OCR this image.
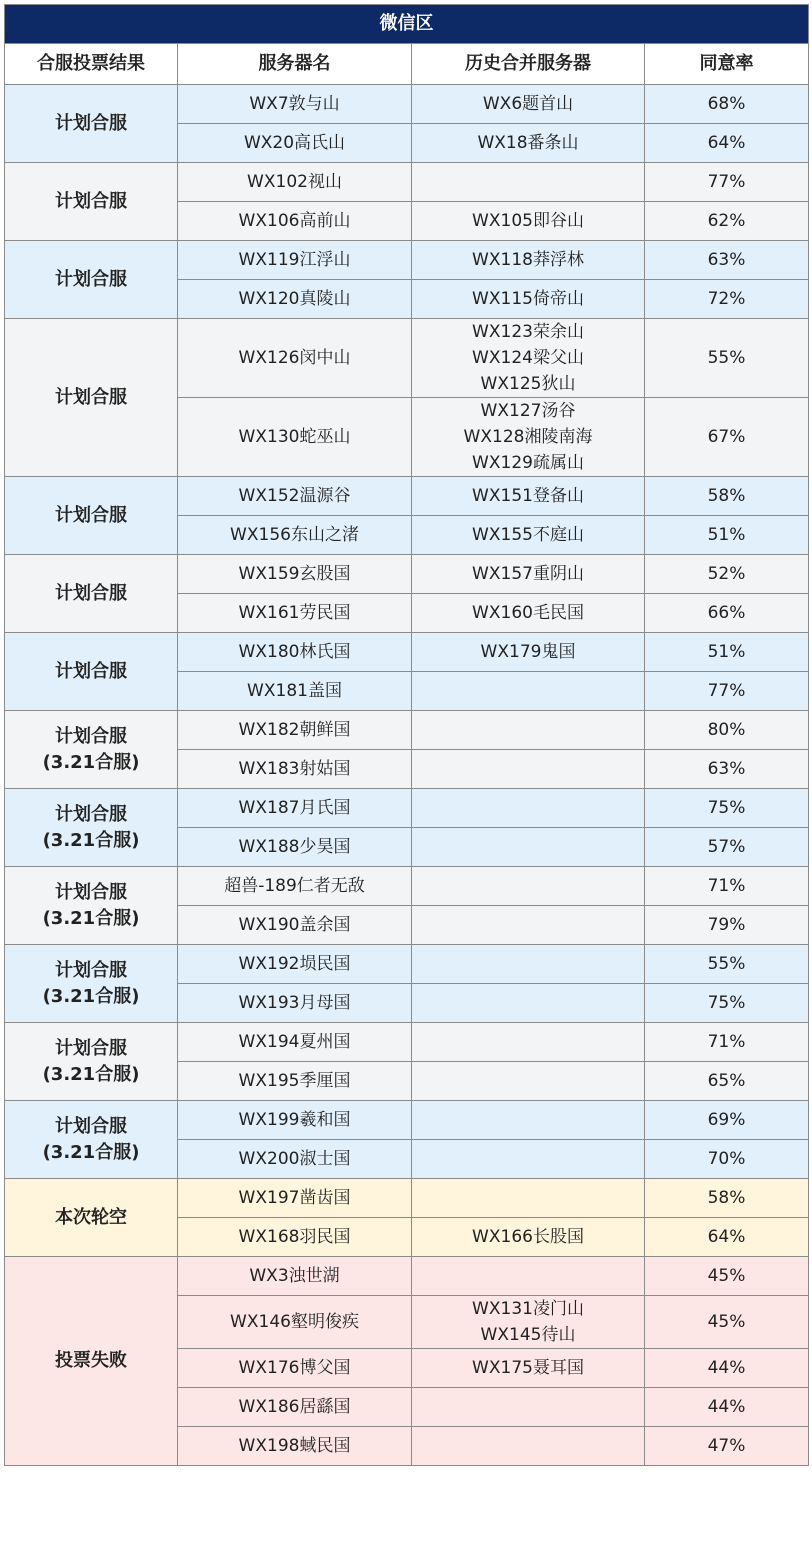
微信区			
合服投票结果	服务器名	历史合并服务器	同意率

计划合服	WX7敦与山	WX6题首山	68%
	WX20高氏山	WX18番条山	64%

计划合服	WX102视山		77%
	WX106高前山	WX105即谷山	62%

计划合服	WX119江浮山	WX118莽浮林	63%
	WX120真陵山	WX115倚帝山	72%

计划合服	WX126闵中山	WX123荣余山
WX124梁父山
WX125狄山	55%
	WX130蛇巫山	WX127汤谷
WX128湘陵南海
WX129疏属山	67%

计划合服	WX152温源谷	WX151登备山	58%
	WX156东山之渚	WX155不庭山	51%

计划合服	WX159玄股国	WX157重阴山	52%
	WX161劳民国	WX160毛民国	66%

计划合服	WX180林氏国	WX179鬼国	51%
	WX181盖国		77%

计划合服
(3.21合服)	WX182朝鲜国		80%
	WX183射姑国		63%

计划合服
(3.21合服)	WX187月氏国		75%
	WX188少昊国		57%

计划合服
(3.21合服)	超兽-189仁者无敌		71%
	WX190盖余国		79%

计划合服
(3.21合服)	WX192埙民国		55%
	WX193月母国		75%

计划合服
(3.21合服)	WX194夏州国		71%
	WX195季厘国		65%

计划合服
(3.21合服)	WX199羲和国		69%
	WX200淑士国		70%

本次轮空	WX197凿齿国		58%
	WX168羽民国	WX166长股国	64%

投票失败	WX3浊世湖		45%
	WX146壑明俊疾	WX131凌门山
WX145待山	45%
	WX176博父国	WX175聂耳国	44%
	WX186居繇国		44%
	WX198蜮民国		47%
